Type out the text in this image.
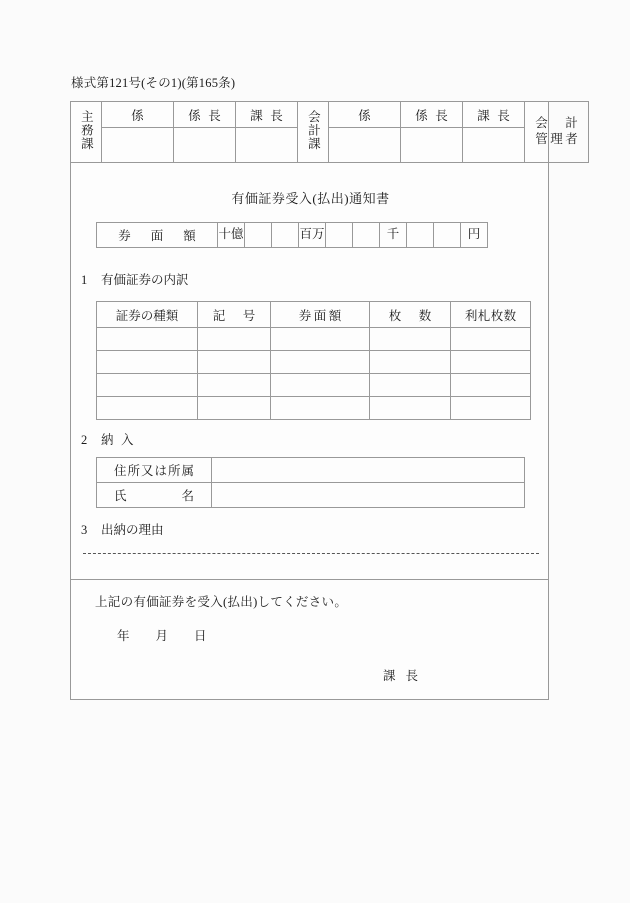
様式第121号(その1)(第165条)
主務課	係	係長	課長	会計課	係	係長	課長	会計
管理者

有価証券受入(払出)通知書
券面額	十億			百万			千			円
1 有価証券の内訳
証券の種類	記号	券面額	枚数	利札枚数

2 納入
住所又は所属	
氏名	
3 出納の理由
上記の有価証券を受入(払出)してください。
年 月 日
課長
